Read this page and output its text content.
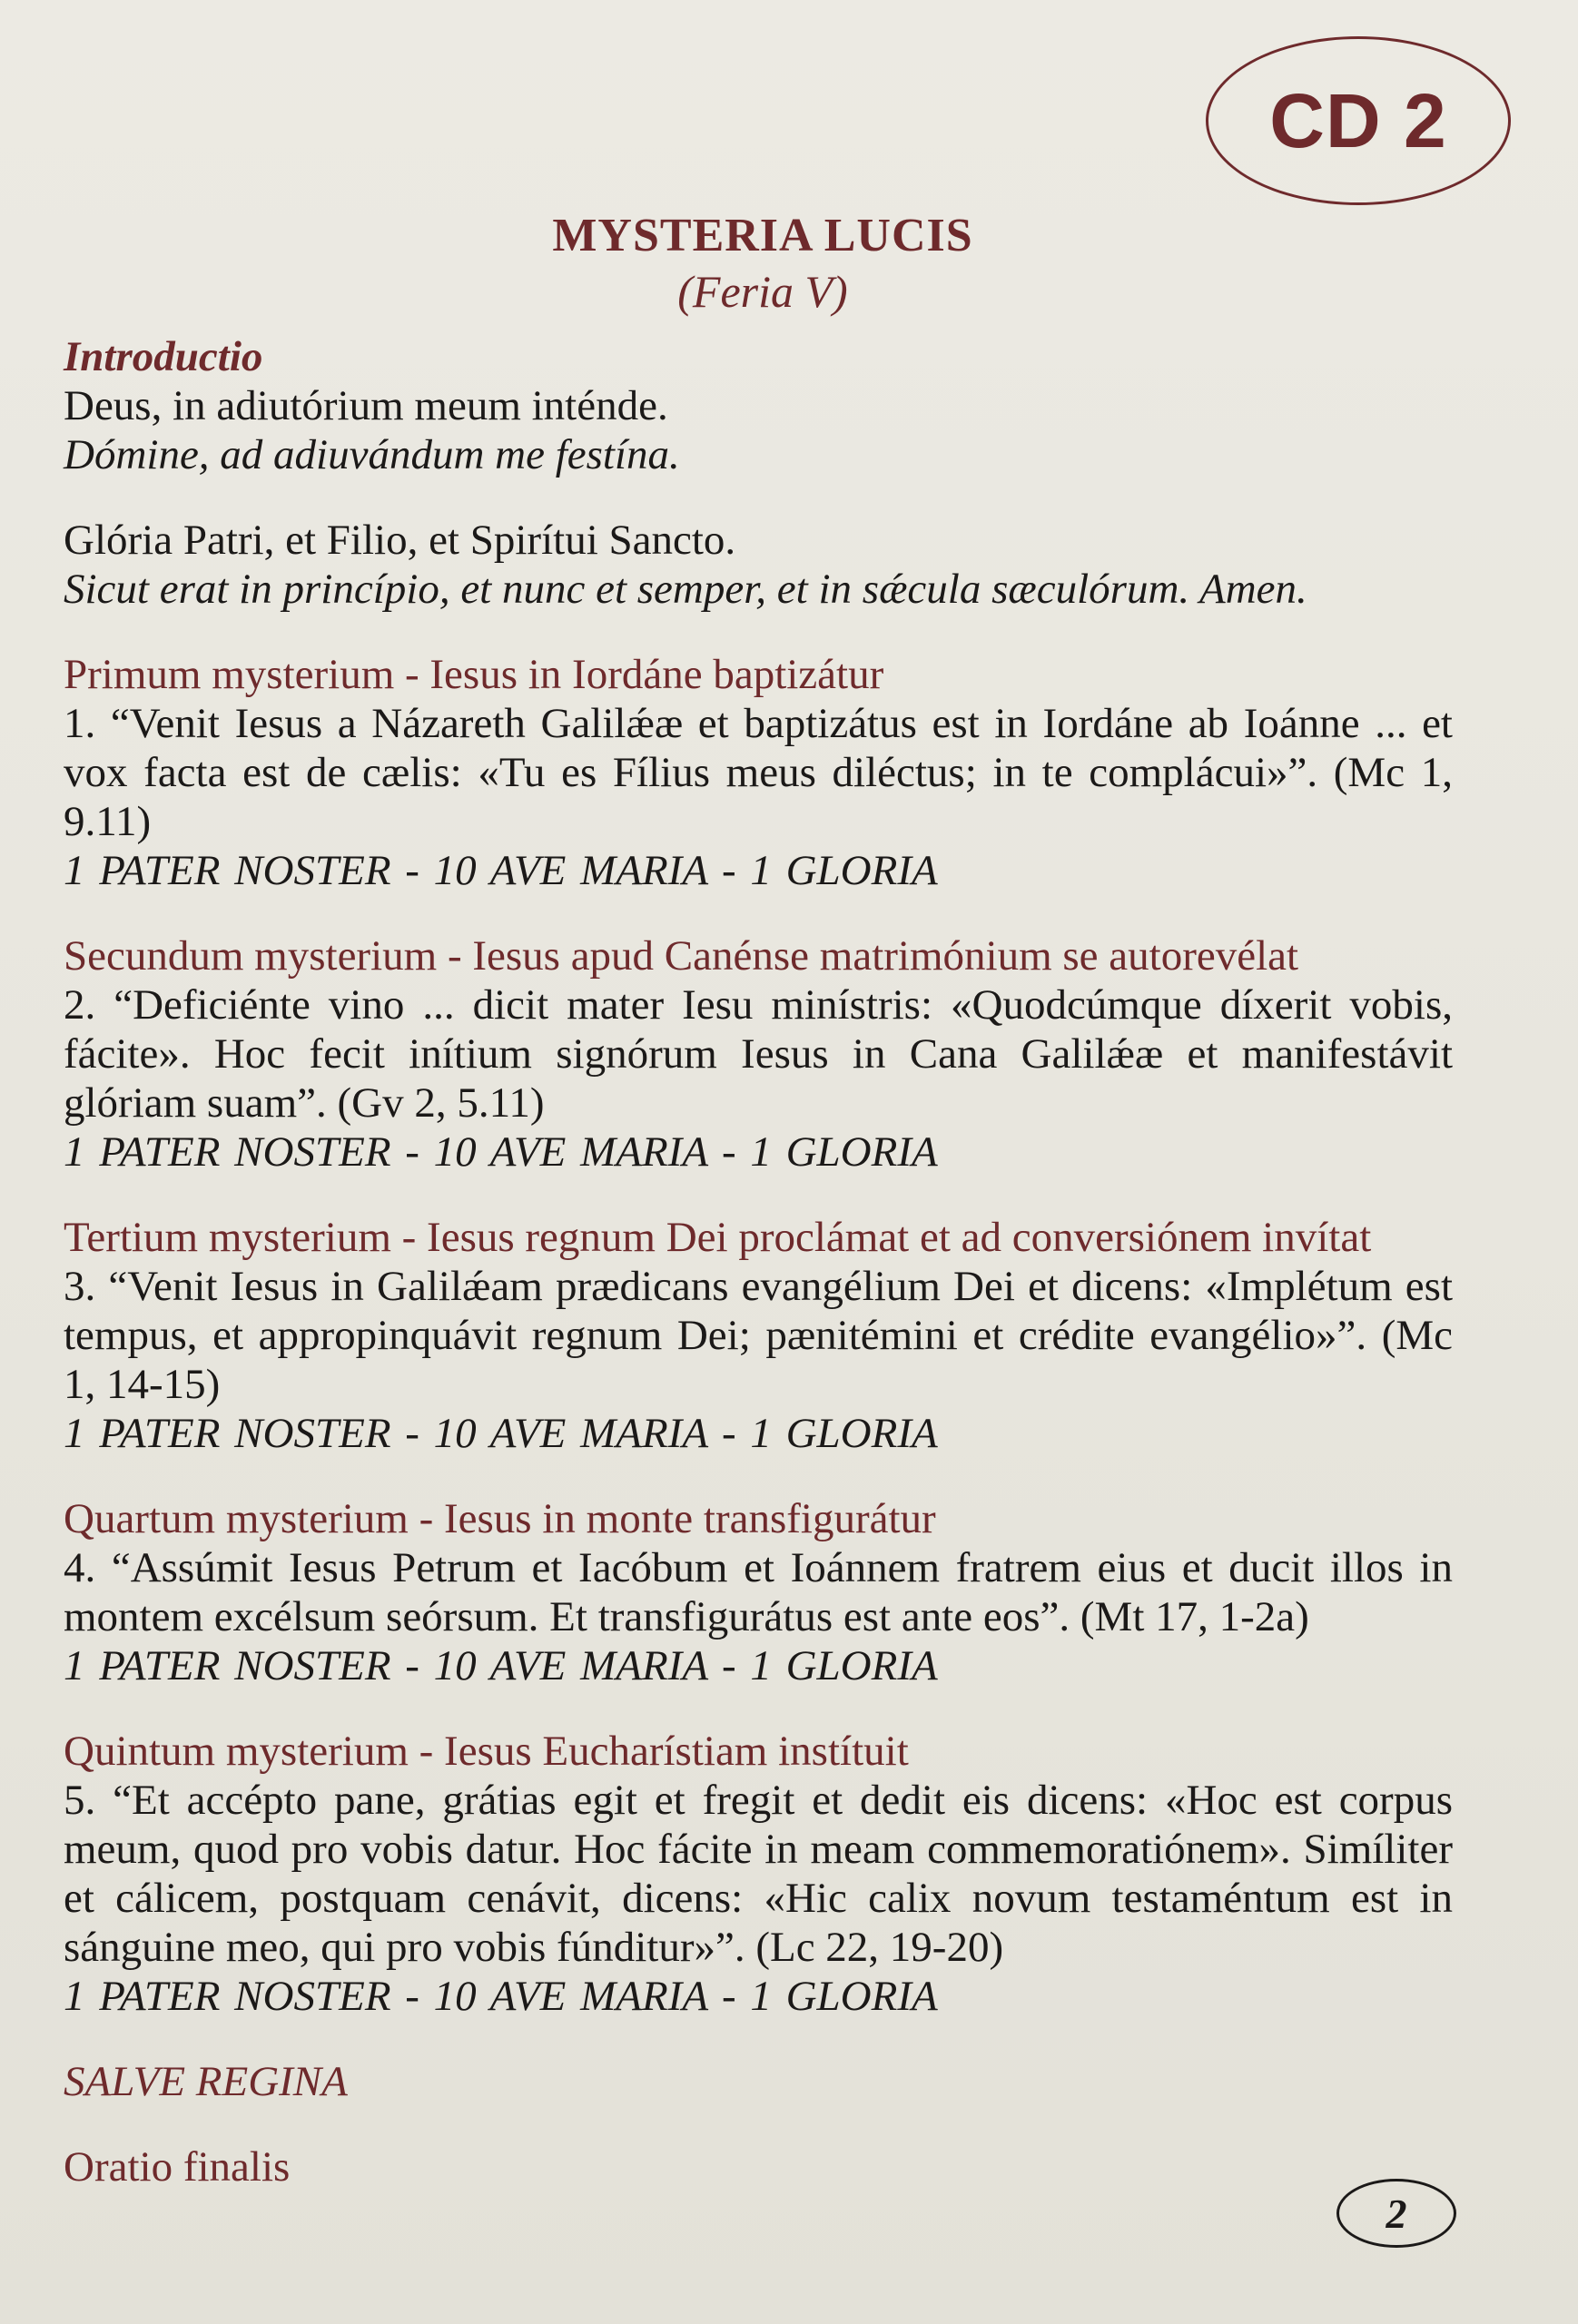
CD 2
MYSTERIA LUCIS
(Feria V)
Introductio
Deus, in adiutórium meum inténde.
Dómine, ad adiuvándum me festína.
Glória Patri, et Filio, et Spirítui Sancto.
Sicut erat in princípio, et nunc et semper, et in sǽcula sæculórum. Amen.
Primum mysterium - Iesus in Iordáne baptizátur
1. “Venit Iesus a Názareth Galilǽæ et baptizátus est in Iordáne ab Ioánne ... et vox facta est de cælis: «Tu es Fílius meus diléctus; in te complácui»”. (Mc 1, 9.11)
1 PATER NOSTER - 10 AVE MARIA - 1 GLORIA
Secundum mysterium - Iesus apud Canénse matrimónium se autorevélat
2. “Deficiénte vino ... dicit mater Iesu minístris: «Quodcúmque díxerit vobis, fácite». Hoc fecit inítium signórum Iesus in Cana Galilǽæ et manifestávit glóriam suam”. (Gv 2, 5.11)
1 PATER NOSTER - 10 AVE MARIA - 1 GLORIA
Tertium mysterium - Iesus regnum Dei proclámat et ad conversiónem invítat
3. “Venit Iesus in Galilǽam prædicans evangélium Dei et dicens: «Implétum est tempus, et appropinquávit regnum Dei; pænitémini et crédite evangélio»”. (Mc 1, 14-15)
1 PATER NOSTER - 10 AVE MARIA - 1 GLORIA
Quartum mysterium - Iesus in monte transfigurátur
4. “Assúmit Iesus Petrum et Iacóbum et Ioánnem fratrem eius et ducit illos in montem excélsum seórsum. Et transfigurátus est ante eos”. (Mt 17, 1-2a)
1 PATER NOSTER - 10 AVE MARIA - 1 GLORIA
Quintum mysterium - Iesus Eucharístiam instítuit
5. “Et accépto pane, grátias egit et fregit et dedit eis dicens: «Hoc est corpus meum, quod pro vobis datur. Hoc fácite in meam commemoratiónem». Simíliter et cálicem, postquam cenávit, dicens: «Hic calix novum testaméntum est in sánguine meo, qui pro vobis fúnditur»”. (Lc 22, 19-20)
1 PATER NOSTER - 10 AVE MARIA - 1 GLORIA
SALVE REGINA
Oratio finalis
2
